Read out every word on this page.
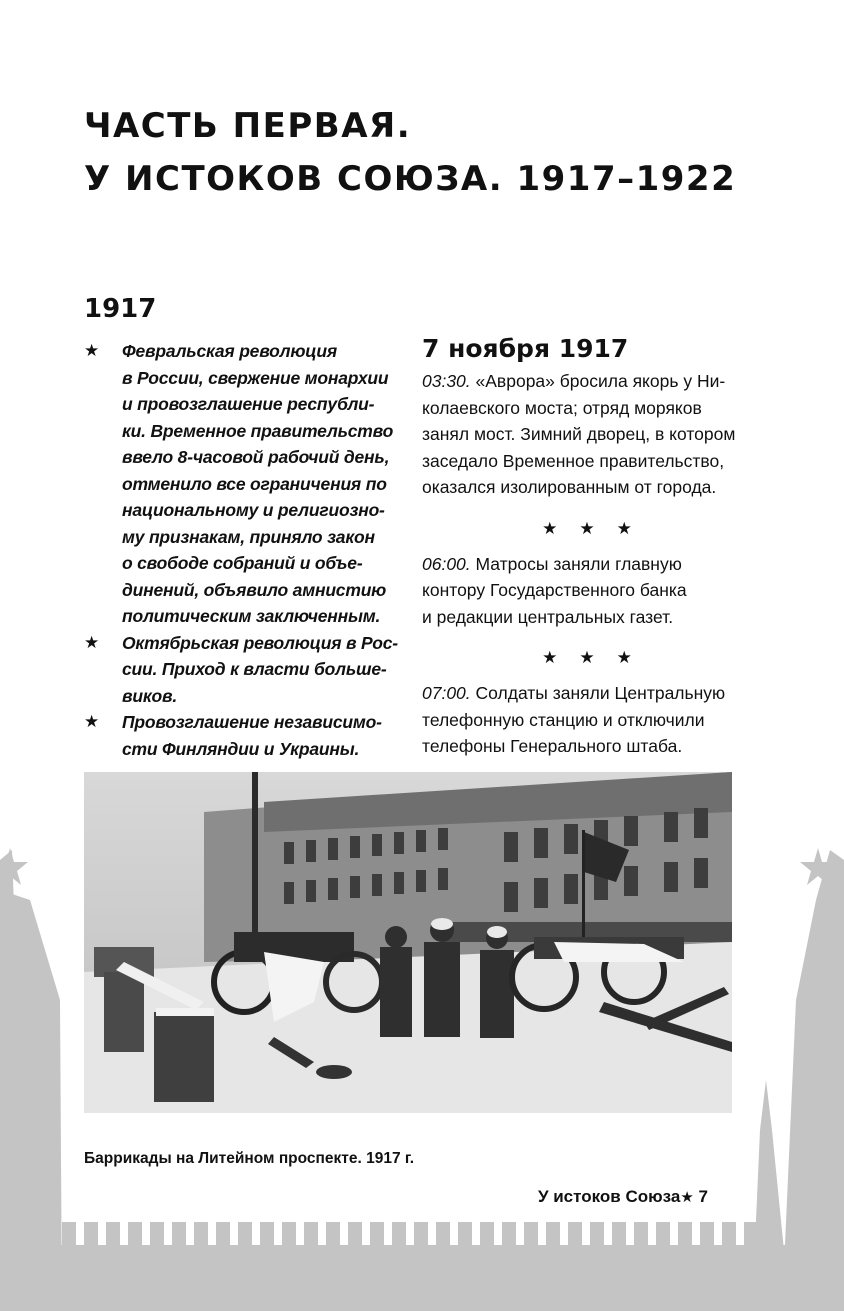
ЧАСТЬ ПЕРВАЯ.
У ИСТОКОВ СОЮЗА. 1917–1922
1917
★ Февральская революция
в России, свержение монархии
и провозглашение республи-
ки. Временное правительство
ввело 8-часовой рабочий день,
отменило все ограничения по
национальному и религиозно-
му признакам, приняло закон
о свободе собраний и объе-
динений, объявило амнистию
политическим заключенным.
★ Октябрьская революция в Рос-
сии. Приход к власти больше-
виков.
★ Провозглашение независимо-
сти Финляндии и Украины.
7 ноября 1917
03:30. «Аврора» бросила якорь у Ни-
колаевского моста; отряд моряков
занял мост. Зимний дворец, в котором
заседало Временное правительство,
оказался изолированным от города.
★★★
06:00. Матросы заняли главную
контору Государственного банка
и редакции центральных газет.
★★★
07:00. Солдаты заняли Центральную
телефонную станцию и отключили
телефоны Генерального штаба.
Баррикады на Литейном проспекте. 1917 г.
У истоков Союза★ 7
